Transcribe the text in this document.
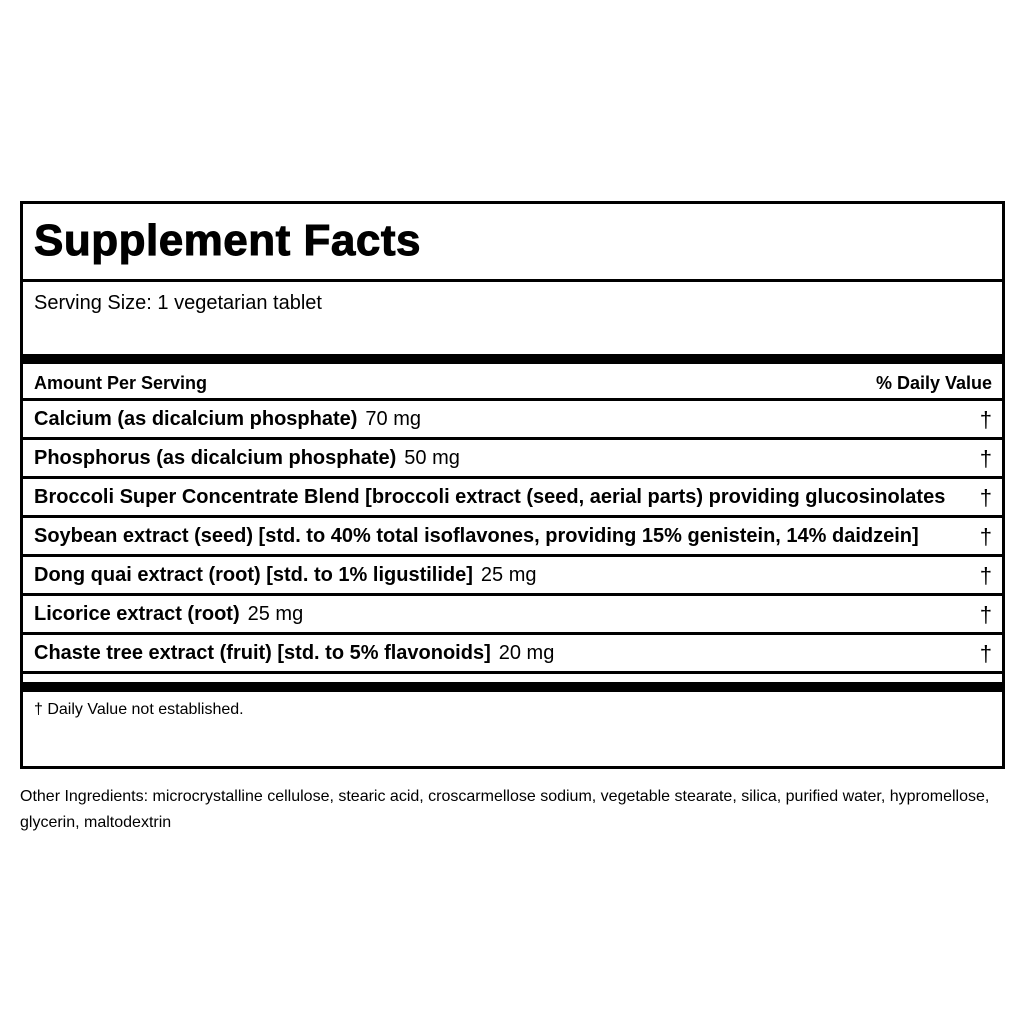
Supplement Facts
Serving Size: 1 vegetarian tablet
Amount Per Serving	% Daily Value
Calcium (as dicalcium phosphate) 70 mg	†
Phosphorus (as dicalcium phosphate) 50 mg	†
Broccoli Super Concentrate Blend [broccoli extract (seed, aerial parts) providing glucosinolates	†
Soybean extract (seed) [std. to 40% total isoflavones, providing 15% genistein, 14% daidzein]	†
Dong quai extract (root) [std. to 1% ligustilide] 25 mg	†
Licorice extract (root) 25 mg	†
Chaste tree extract (fruit) [std. to 5% flavonoids] 20 mg	†
† Daily Value not established.
Other Ingredients: microcrystalline cellulose, stearic acid, croscarmellose sodium, vegetable stearate, silica, purified water, hypromellose, glycerin, maltodextrin
